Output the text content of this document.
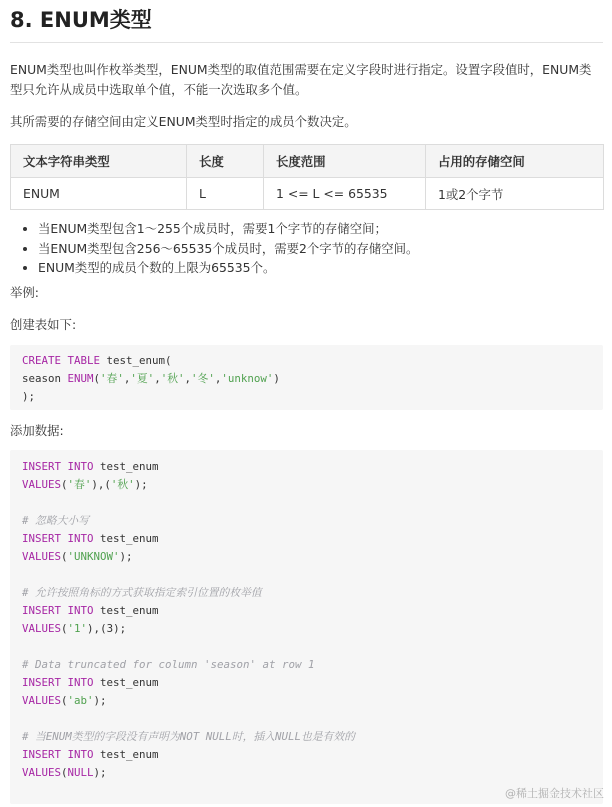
8. ENUM类型

ENUM类型也叫作枚举类型，ENUM类型的取值范围需要在定义字段时进行指定。设置字段值时，ENUM类型只允许从成员中选取单个值，不能一次选取多个值。

其所需要的存储空间由定义ENUM类型时指定的成员个数决定。

文本字符串类型	长度	长度范围	占用的存储空间
ENUM	L	1 <= L <= 65535	1或2个字节
• 当ENUM类型包含1～255个成员时，需要1个字节的存储空间；
• 当ENUM类型包含256～65535个成员时，需要2个字节的存储空间。
• ENUM类型的成员个数的上限为65535个。

举例:

创建表如下:

CREATE TABLE test_enum(
season ENUM('春','夏','秋','冬','unknow')
);

添加数据:

INSERT INTO test_enum
VALUES('春'),('秋');

# 忽略大小写
INSERT INTO test_enum
VALUES('UNKNOW');

# 允许按照角标的方式获取指定索引位置的枚举值
INSERT INTO test_enum
VALUES('1'),(3);

# Data truncated for column 'season' at row 1
INSERT INTO test_enum
VALUES('ab');

# 当ENUM类型的字段没有声明为NOT NULL时，插入NULL也是有效的
INSERT INTO test_enum
VALUES(NULL);
@稀土掘金技术社区
